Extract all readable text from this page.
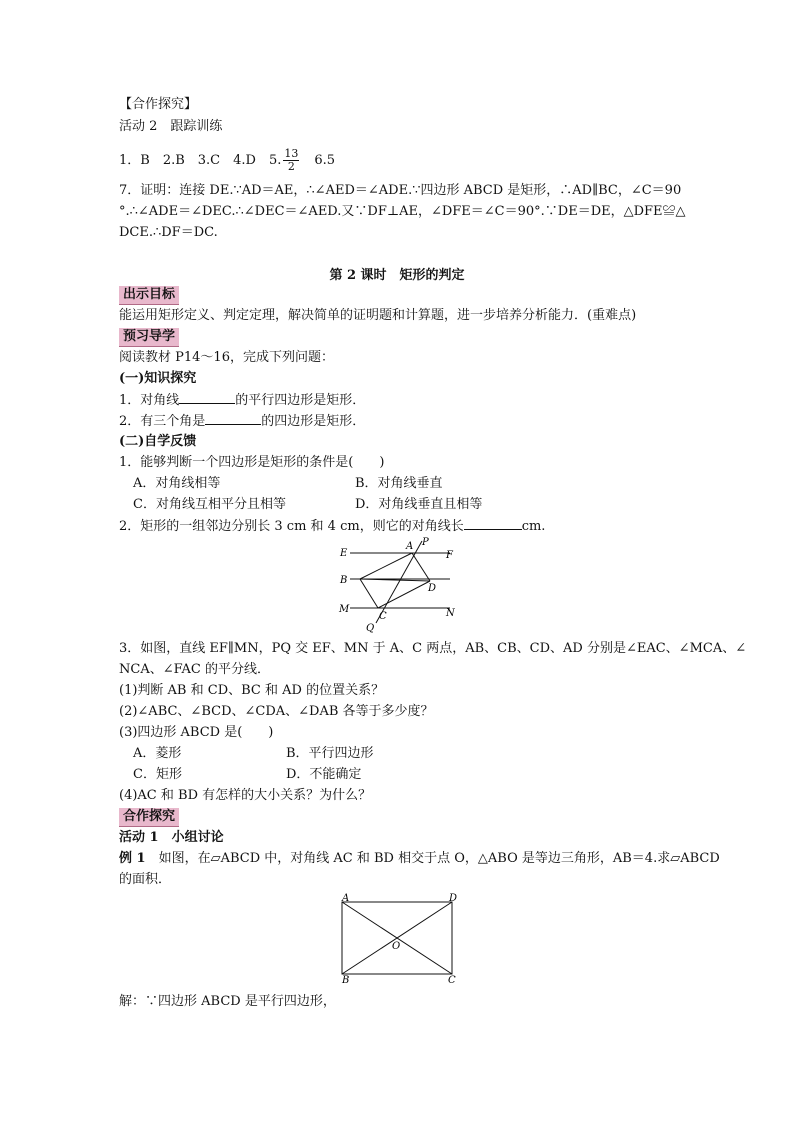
【合作探究】
活动 2　跟踪训练
1．B　2.B　3.C　4.D　5. $\frac{13}{2}$ 　6.5
7．证明：连接 DE.∵AD＝AE，∴∠AED＝∠ADE.∵四边形 ABCD 是矩形，∴AD∥BC，∠C＝90
°.∴∠ADE＝∠DEC.∴∠DEC＝∠AED.又∵DF⊥AE，∠DFE＝∠C＝90°.∵DE＝DE，△DFE≌△
DCE.∴DF＝DC.
第 2 课时　矩形的判定
出示目标
能运用矩形定义、判定定理，解决简单的证明题和计算题，进一步培养分析能力．(重难点)
预习导学
阅读教材 P14～16，完成下列问题：
(一)知识探究
1．对角线	的平行四边形是矩形．
2．有三个角是	的四边形是矩形．
(二)自学反馈
1．能够判断一个四边形是矩形的条件是(　　)
A．对角线相等	B．对角线垂直
C．对角线互相平分且相等	D．对角线垂直且相等
2．矩形的一组邻边分别长 3 cm 和 4 cm，则它的对角线长	cm.
E
A P
F
B
D
M
C	N
Q
3．如图，直线 EF∥MN，PQ 交 EF、MN 于 A、C 两点，AB、CB、CD、AD 分别是∠EAC、∠MCA、∠
NCA、∠FAC 的平分线．
(1)判断 AB 和 CD、BC 和 AD 的位置关系？
(2)∠ABC、∠BCD、∠CDA、∠DAB 各等于多少度？
(3)四边形 ABCD 是(　　)
A．菱形	B．平行四边形
C．矩形	D．不能确定
(4)AC 和 BD 有怎样的大小关系？为什么？
合作探究
活动 1　小组讨论
例 1　如图，在▱ABCD 中，对角线 AC 和 BD 相交于点 O，△ABO 是等边三角形，AB＝4.求▱ABCD
的面积．
A	D
O
B	C
解：∵四边形 ABCD 是平行四边形，
